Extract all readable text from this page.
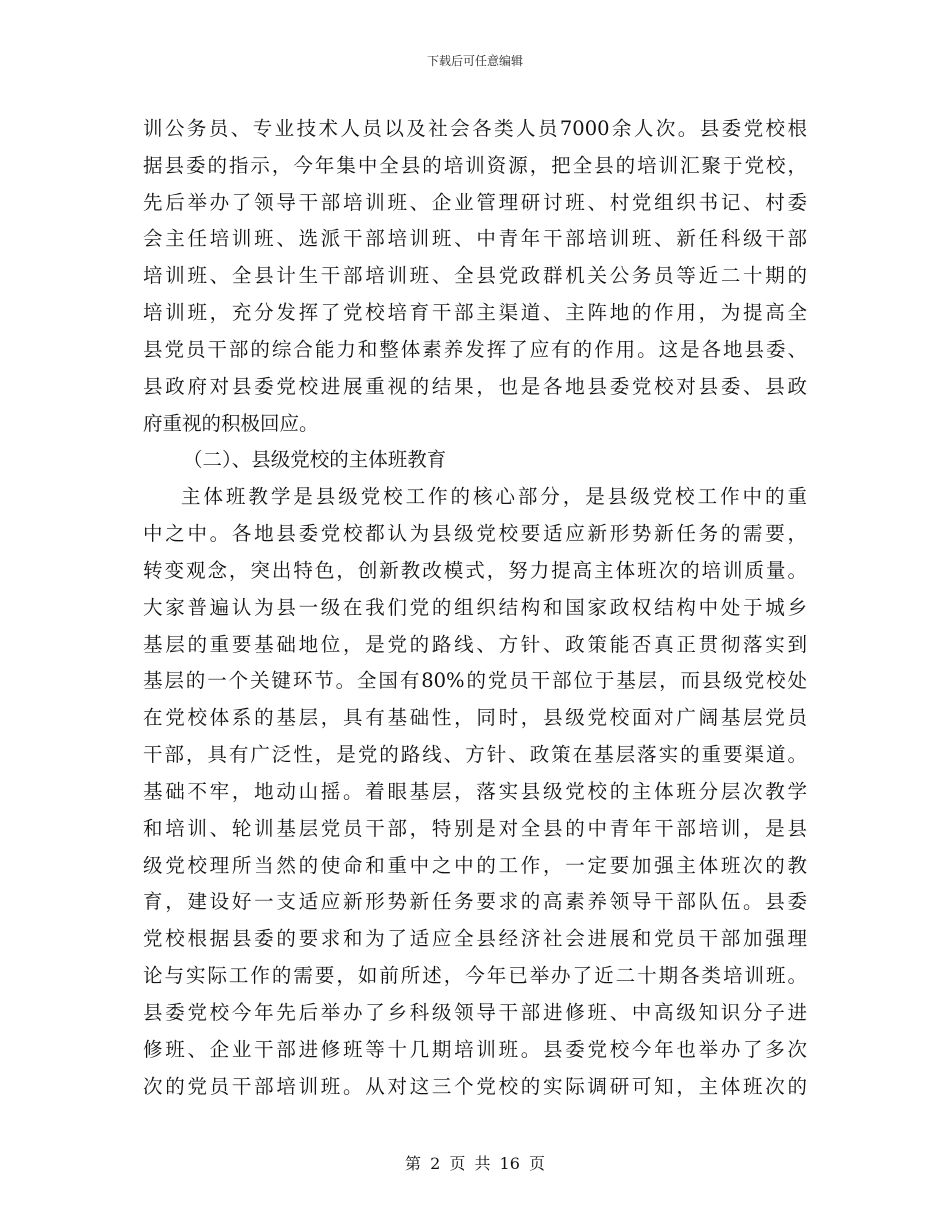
下载后可任意编辑
训公务员、专业技术人员以及社会各类人员7000余人次。县委党校根
据县委的指示，今年集中全县的培训资源，把全县的培训汇聚于党校，
先后举办了领导干部培训班、企业管理研讨班、村党组织书记、村委
会主任培训班、选派干部培训班、中青年干部培训班、新任科级干部
培训班、全县计生干部培训班、全县党政群机关公务员等近二十期的
培训班，充分发挥了党校培育干部主渠道、主阵地的作用，为提高全
县党员干部的综合能力和整体素养发挥了应有的作用。这是各地县委、
县政府对县委党校进展重视的结果，也是各地县委党校对县委、县政
府重视的积极回应。
（二）、县级党校的主体班教育
主体班教学是县级党校工作的核心部分，是县级党校工作中的重
中之中。各地县委党校都认为县级党校要适应新形势新任务的需要，
转变观念，突出特色，创新教改模式，努力提高主体班次的培训质量。
大家普遍认为县一级在我们党的组织结构和国家政权结构中处于城乡
基层的重要基础地位，是党的路线、方针、政策能否真正贯彻落实到
基层的一个关键环节。全国有80%的党员干部位于基层，而县级党校处
在党校体系的基层，具有基础性，同时，县级党校面对广阔基层党员
干部，具有广泛性，是党的路线、方针、政策在基层落实的重要渠道。
基础不牢，地动山摇。着眼基层，落实县级党校的主体班分层次教学
和培训、轮训基层党员干部，特别是对全县的中青年干部培训，是县
级党校理所当然的使命和重中之中的工作，一定要加强主体班次的教
育，建设好一支适应新形势新任务要求的高素养领导干部队伍。县委
党校根据县委的要求和为了适应全县经济社会进展和党员干部加强理
论与实际工作的需要，如前所述，今年已举办了近二十期各类培训班。
县委党校今年先后举办了乡科级领导干部进修班、中高级知识分子进
修班、企业干部进修班等十几期培训班。县委党校今年也举办了多次
次的党员干部培训班。从对这三个党校的实际调研可知，主体班次的
第 2 页 共 16 页
